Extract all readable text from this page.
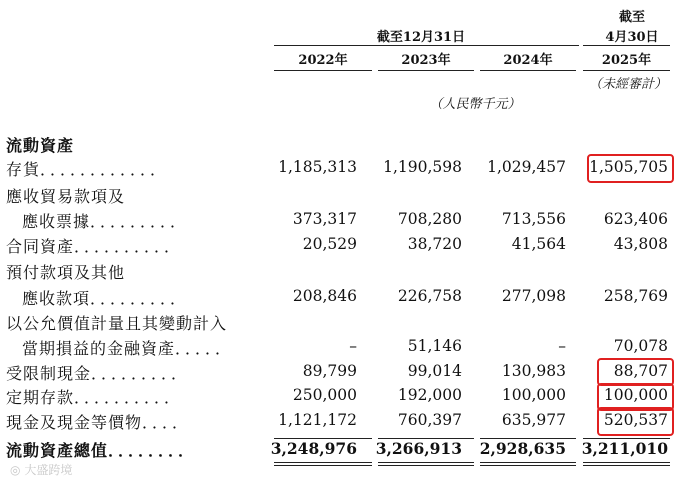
截至12月31日
截至
4月30日
2022年	2023年	2024年	2025年
（未經審計）
（人民幣千元）
流動資產
存貨．．．．．．．．．．．．	1,185,313	1,190,598	1,029,457	1,505,705
應收貿易款項及
應收票據．．．．．．．．．	373,317	708,280	713,556	623,406
合同資產．．．．．．．．．．	20,529	38,720	41,564	43,808
預付款項及其他
應收款項．．．．．．．．．	208,846	226,758	277,098	258,769
以公允價值計量且其變動計入
當期損益的金融資產．．．．．	–	51,146	–	70,078
受限制現金．．．．．．．．．	89,799	99,014	130,983	88,707
定期存款．．．．．．．．．．	250,000	192,000	100,000	100,000
現金及現金等價物．．．．	1,121,172	760,397	635,977	520,537
流動資產總值．．．．．．．．	3,248,976	3,266,913	2,928,635	3,211,010
◎ 大盛跨境
